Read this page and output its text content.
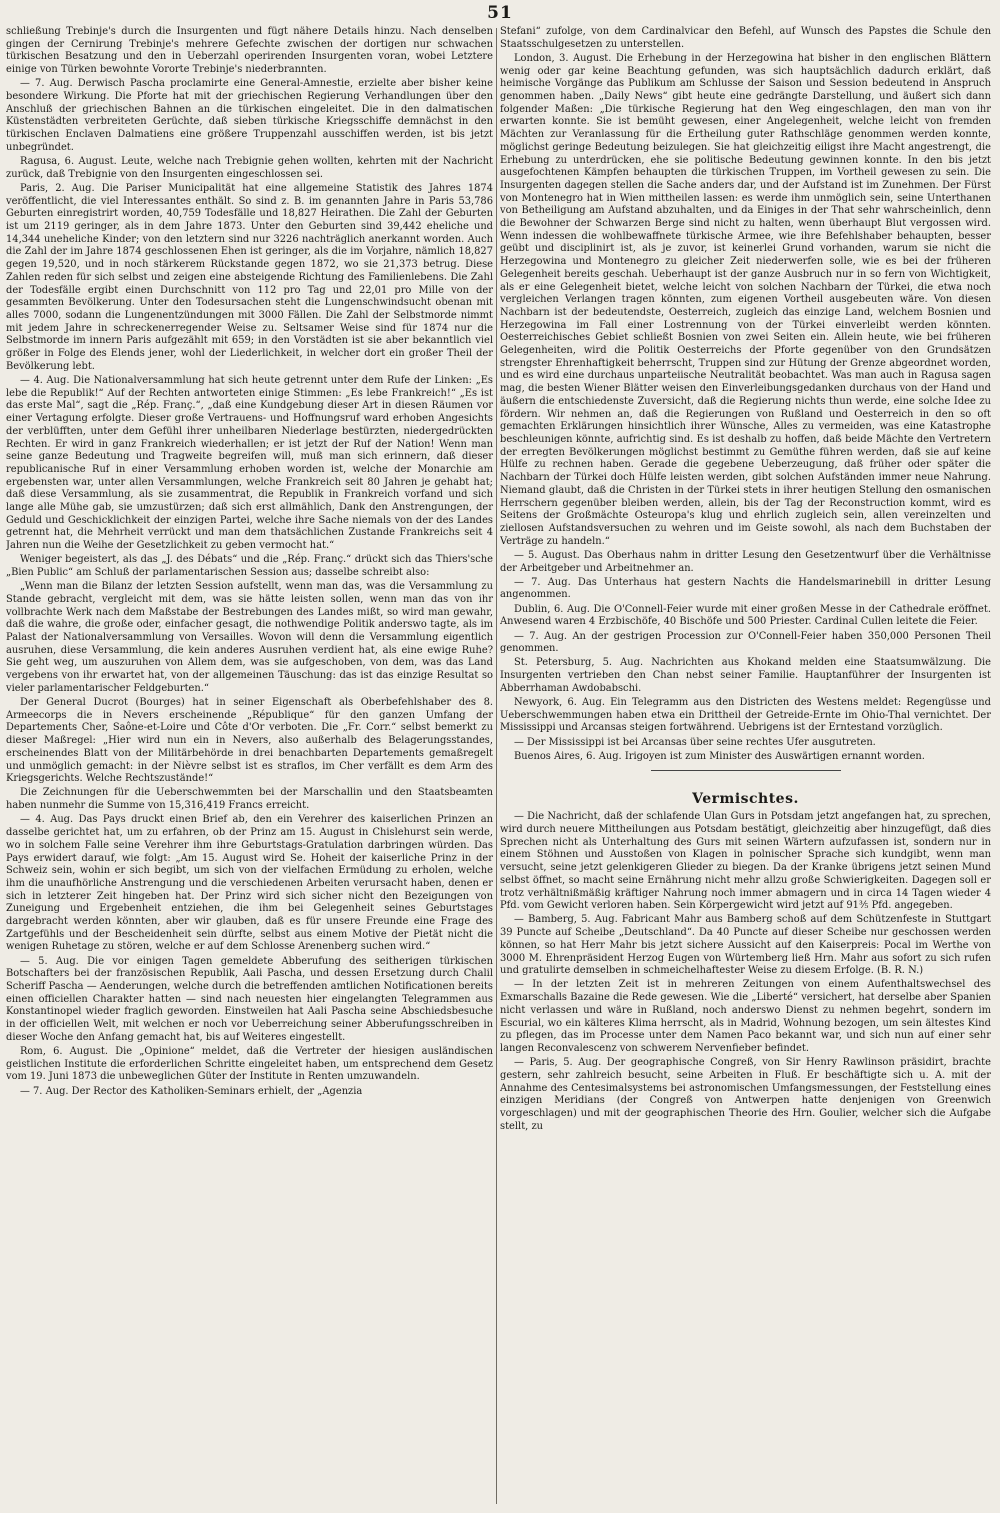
51

schließung Trebinje's durch die Insurgenten und fügt nähere Details hinzu. Nach denselben gingen der Cernirung Trebinje's mehrere Gefechte zwischen der dortigen nur schwachen türkischen Besatzung und den in Ueberzahl operirenden Insurgenten voran, wobei Letztere einige von Türken bewohnte Vororte Trebinje's niederbrannten.

— 7. Aug. Derwisch Pascha proclamirte eine General-Amnestie, erzielte aber bisher keine besondere Wirkung. Die Pforte hat mit der griechischen Regierung Verhandlungen über den Anschluß der griechischen Bahnen an die türkischen eingeleitet. Die in den dalmatischen Küstenstädten verbreiteten Gerüchte, daß sieben türkische Kriegsschiffe demnächst in den türkischen Enclaven Dalmatiens eine größere Truppenzahl ausschiffen werden, ist bis jetzt unbegründet.

Ragusa, 6. August. Leute, welche nach Trebignie gehen wollten, kehrten mit der Nachricht zurück, daß Trebignie von den Insurgenten eingeschlossen sei.

Paris, 2. Aug. Die Pariser Municipalität hat eine allgemeine Statistik des Jahres 1874 veröffentlicht, die viel Interessantes enthält. So sind z. B. im genannten Jahre in Paris 53,786 Geburten einregistrirt worden, 40,759 Todesfälle und 18,827 Heirathen. Die Zahl der Geburten ist um 2119 geringer, als in dem Jahre 1873. Unter den Geburten sind 39,442 eheliche und 14,344 uneheliche Kinder; von den letztern sind nur 3226 nachträglich anerkannt worden. Auch die Zahl der im Jahre 1874 geschlossenen Ehen ist geringer, als die im Vorjahre, nämlich 18,827 gegen 19,520, und in noch stärkerem Rückstande gegen 1872, wo sie 21,373 betrug. Diese Zahlen reden für sich selbst und zeigen eine absteigende Richtung des Familienlebens. Die Zahl der Todesfälle ergibt einen Durchschnitt von 112 pro Tag und 22,01 pro Mille von der gesammten Bevölkerung. Unter den Todesursachen steht die Lungenschwindsucht obenan mit alles 7000, sodann die Lungenentzündungen mit 3000 Fällen. Die Zahl der Selbstmorde nimmt mit jedem Jahre in schreckenerregender Weise zu. Seltsamer Weise sind für 1874 nur die Selbstmorde im innern Paris aufgezählt mit 659; in den Vorstädten ist sie aber bekanntlich viel größer in Folge des Elends jener, wohl der Liederlichkeit, in welcher dort ein großer Theil der Bevölkerung lebt.

— 4. Aug. Die Nationalversammlung hat sich heute getrennt unter dem Rufe der Linken: „Es lebe die Republik!“ Auf der Rechten antworteten einige Stimmen: „Es lebe Frankreich!“ „Es ist das erste Mal“, sagt die „Rép. Franç.“, „daß eine Kundgebung dieser Art in diesen Räumen vor einer Vertagung erfolgte. Dieser große Vertrauens- und Hoffnungsruf ward erhoben Angesichts der verblüfften, unter dem Gefühl ihrer unheilbaren Niederlage bestürzten, niedergedrückten Rechten. Er wird in ganz Frankreich wiederhallen; er ist jetzt der Ruf der Nation! Wenn man seine ganze Bedeutung und Tragweite begreifen will, muß man sich erinnern, daß dieser republicanische Ruf in einer Versammlung erhoben worden ist, welche der Monarchie am ergebensten war, unter allen Versammlungen, welche Frankreich seit 80 Jahren je gehabt hat; daß diese Versammlung, als sie zusammentrat, die Republik in Frankreich vorfand und sich lange alle Mühe gab, sie umzustürzen; daß sich erst allmählich, Dank den Anstrengungen, der Geduld und Geschicklichkeit der einzigen Partei, welche ihre Sache niemals von der des Landes getrennt hat, die Mehrheit verrückt und man dem thatsächlichen Zustande Frankreichs seit 4 Jahren nun die Weihe der Gesetzlichkeit zu geben vermocht hat.“

Weniger begeistert, als das „J. des Débats“ und die „Rép. Franç.“ drückt sich das Thiers'sche „Bien Public“ am Schluß der parlamentarischen Session aus; dasselbe schreibt also:

„Wenn man die Bilanz der letzten Session aufstellt, wenn man das, was die Versammlung zu Stande gebracht, vergleicht mit dem, was sie hätte leisten sollen, wenn man das von ihr vollbrachte Werk nach dem Maßstabe der Bestrebungen des Landes mißt, so wird man gewahr, daß die wahre, die große oder, einfacher gesagt, die nothwendige Politik anderswo tagte, als im Palast der Nationalversammlung von Versailles. Wovon will denn die Versammlung eigentlich ausruhen, diese Versammlung, die kein anderes Ausruhen verdient hat, als eine ewige Ruhe? Sie geht weg, um auszuruhen von Allem dem, was sie aufgeschoben, von dem, was das Land vergebens von ihr erwartet hat, von der allgemeinen Täuschung: das ist das einzige Resultat so vieler parlamentarischer Feldgeburten.“

Der General Ducrot (Bourges) hat in seiner Eigenschaft als Oberbefehlshaber des 8. Armeecorps die in Nevers erscheinende „République“ für den ganzen Umfang der Departements Cher, Saône-et-Loire und Côte d'Or verboten. Die „Fr. Corr.“ selbst bemerkt zu dieser Maßregel: „Hier wird nun ein in Nevers, also außerhalb des Belagerungsstandes, erscheinendes Blatt von der Militärbehörde in drei benachbarten Departements gemaßregelt und unmöglich gemacht: in der Nièvre selbst ist es straflos, im Cher verfällt es dem Arm des Kriegsgerichts. Welche Rechtszustände!“

Die Zeichnungen für die Ueberschwemmten bei der Marschallin und den Staatsbeamten haben nunmehr die Summe von 15,316,419 Francs erreicht.

— 4. Aug. Das Pays druckt einen Brief ab, den ein Verehrer des kaiserlichen Prinzen an dasselbe gerichtet hat, um zu erfahren, ob der Prinz am 15. August in Chislehurst sein werde, wo in solchem Falle seine Verehrer ihm ihre Geburtstags-Gratulation darbringen würden. Das Pays erwidert darauf, wie folgt: „Am 15. August wird Se. Hoheit der kaiserliche Prinz in der Schweiz sein, wohin er sich begibt, um sich von der vielfachen Ermüdung zu erholen, welche ihm die unaufhörliche Anstrengung und die verschiedenen Arbeiten verursacht haben, denen er sich in letzterer Zeit hingeben hat. Der Prinz wird sich sicher nicht den Bezeigungen von Zuneigung und Ergebenheit entziehen, die ihm bei Gelegenheit seines Geburtstages dargebracht werden könnten, aber wir glauben, daß es für unsere Freunde eine Frage des Zartgefühls und der Bescheidenheit sein dürfte, selbst aus einem Motive der Pietät nicht die wenigen Ruhetage zu stören, welche er auf dem Schlosse Arenenberg suchen wird.“

— 5. Aug. Die vor einigen Tagen gemeldete Abberufung des seitherigen türkischen Botschafters bei der französischen Republik, Aali Pascha, und dessen Ersetzung durch Chalil Scheriff Pascha — Aenderungen, welche durch die betreffenden amtlichen Notificationen bereits einen officiellen Charakter hatten — sind nach neuesten hier eingelangten Telegrammen aus Konstantinopel wieder fraglich geworden. Einstweilen hat Aali Pascha seine Abschiedsbesuche in der officiellen Welt, mit welchen er noch vor Ueberreichung seiner Abberufungsschreiben in dieser Woche den Anfang gemacht hat, bis auf Weiteres eingestellt.

Rom, 6. August. Die „Opinione“ meldet, daß die Vertreter der hiesigen ausländischen geistlichen Institute die erforderlichen Schritte eingeleitet haben, um entsprechend dem Gesetz vom 19. Juni 1873 die unbeweglichen Güter der Institute in Renten umzuwandeln.

— 7. Aug. Der Rector des Katholiken-Seminars erhielt, der „Agenzia

Stefani“ zufolge, von dem Cardinalvicar den Befehl, auf Wunsch des Papstes die Schule den Staatsschulgesetzen zu unterstellen.

London, 3. August. Die Erhebung in der Herzegowina hat bisher in den englischen Blättern wenig oder gar keine Beachtung gefunden, was sich hauptsächlich dadurch erklärt, daß heimische Vorgänge das Publikum am Schlusse der Saison und Session bedeutend in Anspruch genommen haben. „Daily News“ gibt heute eine gedrängte Darstellung, und äußert sich dann folgender Maßen: „Die türkische Regierung hat den Weg eingeschlagen, den man von ihr erwarten konnte. Sie ist bemüht gewesen, einer Angelegenheit, welche leicht von fremden Mächten zur Veranlassung für die Ertheilung guter Rathschläge genommen werden konnte, möglichst geringe Bedeutung beizulegen. Sie hat gleichzeitig eiligst ihre Macht angestrengt, die Erhebung zu unterdrücken, ehe sie politische Bedeutung gewinnen konnte. In den bis jetzt ausgefochtenen Kämpfen behaupten die türkischen Truppen, im Vortheil gewesen zu sein. Die Insurgenten dagegen stellen die Sache anders dar, und der Aufstand ist im Zunehmen. Der Fürst von Montenegro hat in Wien mittheilen lassen: es werde ihm unmöglich sein, seine Unterthanen von Betheiligung am Aufstand abzuhalten, und da Einiges in der That sehr wahrscheinlich, denn die Bewohner der Schwarzen Berge sind nicht zu halten, wenn überhaupt Blut vergossen wird. Wenn indessen die wohlbewaffnete türkische Armee, wie ihre Befehlshaber behaupten, besser geübt und disciplinirt ist, als je zuvor, ist keinerlei Grund vorhanden, warum sie nicht die Herzegowina und Montenegro zu gleicher Zeit niederwerfen solle, wie es bei der früheren Gelegenheit bereits geschah. Ueberhaupt ist der ganze Ausbruch nur in so fern von Wichtigkeit, als er eine Gelegenheit bietet, welche leicht von solchen Nachbarn der Türkei, die etwa noch vergleichen Verlangen tragen könnten, zum eigenen Vortheil ausgebeuten wäre. Von diesen Nachbarn ist der bedeutendste, Oesterreich, zugleich das einzige Land, welchem Bosnien und Herzegowina im Fall einer Lostrennung von der Türkei einverleibt werden könnten. Oesterreichisches Gebiet schließt Bosnien von zwei Seiten ein. Allein heute, wie bei früheren Gelegenheiten, wird die Politik Oesterreichs der Pforte gegenüber von den Grundsätzen strengster Ehrenhaftigkeit beherrscht, Truppen sind zur Hütung der Grenze abgeordnet worden, und es wird eine durchaus unparteiische Neutralität beobachtet. Was man auch in Ragusa sagen mag, die besten Wiener Blätter weisen den Einverleibungsgedanken durchaus von der Hand und äußern die entschiedenste Zuversicht, daß die Regierung nichts thun werde, eine solche Idee zu fördern. Wir nehmen an, daß die Regierungen von Rußland und Oesterreich in den so oft gemachten Erklärungen hinsichtlich ihrer Wünsche, Alles zu vermeiden, was eine Katastrophe beschleunigen könnte, aufrichtig sind. Es ist deshalb zu hoffen, daß beide Mächte den Vertretern der erregten Bevölkerungen möglichst bestimmt zu Gemüthe führen werden, daß sie auf keine Hülfe zu rechnen haben. Gerade die gegebene Ueberzeugung, daß früher oder später die Nachbarn der Türkei doch Hülfe leisten werden, gibt solchen Aufständen immer neue Nahrung. Niemand glaubt, daß die Christen in der Türkei stets in ihrer heutigen Stellung den osmanischen Herrschern gegenüber bleiben werden, allein, bis der Tag der Reconstruction kommt, wird es Seitens der Großmächte Osteuropa's klug und ehrlich zugleich sein, allen vereinzelten und ziellosen Aufstandsversuchen zu wehren und im Geiste sowohl, als nach dem Buchstaben der Verträge zu handeln.“

— 5. August. Das Oberhaus nahm in dritter Lesung den Gesetzentwurf über die Verhältnisse der Arbeitgeber und Arbeitnehmer an.

— 7. Aug. Das Unterhaus hat gestern Nachts die Handelsmarinebill in dritter Lesung angenommen.

Dublin, 6. Aug. Die O'Connell-Feier wurde mit einer großen Messe in der Cathedrale eröffnet. Anwesend waren 4 Erzbischöfe, 40 Bischöfe und 500 Priester. Cardinal Cullen leitete die Feier.

— 7. Aug. An der gestrigen Procession zur O'Connell-Feier haben 350,000 Personen Theil genommen.

St. Petersburg, 5. Aug. Nachrichten aus Khokand melden eine Staatsumwälzung. Die Insurgenten vertrieben den Chan nebst seiner Familie. Hauptanführer der Insurgenten ist Abberrhaman Awdobabschi.

Newyork, 6. Aug. Ein Telegramm aus den Districten des Westens meldet: Regengüsse und Ueberschwemmungen haben etwa ein Drittheil der Getreide-Ernte im Ohio-Thal vernichtet. Der Mississippi und Arcansas steigen fortwährend. Uebrigens ist der Erntestand vorzüglich.

— Der Mississippi ist bei Arcansas über seine rechtes Ufer ausgutreten.

Buenos Aires, 6. Aug. Irigoyen ist zum Minister des Auswärtigen ernannt worden.

Vermischtes.

— Die Nachricht, daß der schlafende Ulan Gurs in Potsdam jetzt angefangen hat, zu sprechen, wird durch neuere Mittheilungen aus Potsdam bestätigt, gleichzeitig aber hinzugefügt, daß dies Sprechen nicht als Unterhaltung des Gurs mit seinen Wärtern aufzufassen ist, sondern nur in einem Stöhnen und Ausstoßen von Klagen in polnischer Sprache sich kundgibt, wenn man versucht, seine jetzt gelenkigeren Glieder zu biegen. Da der Kranke übrigens jetzt seinen Mund selbst öffnet, so macht seine Ernährung nicht mehr allzu große Schwierigkeiten. Dagegen soll er trotz verhältnißmäßig kräftiger Nahrung noch immer abmagern und in circa 14 Tagen wieder 4 Pfd. vom Gewicht verloren haben. Sein Körpergewicht wird jetzt auf 91⅗ Pfd. angegeben.

— Bamberg, 5. Aug. Fabricant Mahr aus Bamberg schoß auf dem Schützenfeste in Stuttgart 39 Puncte auf Scheibe „Deutschland“. Da 40 Puncte auf dieser Scheibe nur geschossen werden können, so hat Herr Mahr bis jetzt sichere Aussicht auf den Kaiserpreis: Pocal im Werthe von 3000 M. Ehrenpräsident Herzog Eugen von Würtemberg ließ Hrn. Mahr aus sofort zu sich rufen und gratulirte demselben in schmeichelhaftester Weise zu diesem Erfolge. (B. R. N.)

— In der letzten Zeit ist in mehreren Zeitungen von einem Aufenthaltswechsel des Exmarschalls Bazaine die Rede gewesen. Wie die „Liberté“ versichert, hat derselbe aber Spanien nicht verlassen und wäre in Rußland, noch anderswo Dienst zu nehmen begehrt, sondern im Escurial, wo ein kälteres Klima herrscht, als in Madrid, Wohnung bezogen, um sein ältestes Kind zu pflegen, das im Processe unter dem Namen Paco bekannt war, und sich nun auf einer sehr langen Reconvalescenz von schwerem Nervenfieber befindet.

— Paris, 5. Aug. Der geographische Congreß, von Sir Henry Rawlinson präsidirt, brachte gestern, sehr zahlreich besucht, seine Arbeiten in Fluß. Er beschäftigte sich u. A. mit der Annahme des Centesimalsystems bei astronomischen Umfangsmessungen, der Feststellung eines einzigen Meridians (der Congreß von Antwerpen hatte denjenigen von Greenwich vorgeschlagen) und mit der geographischen Theorie des Hrn. Goulier, welcher sich die Aufgabe stellt, zu
